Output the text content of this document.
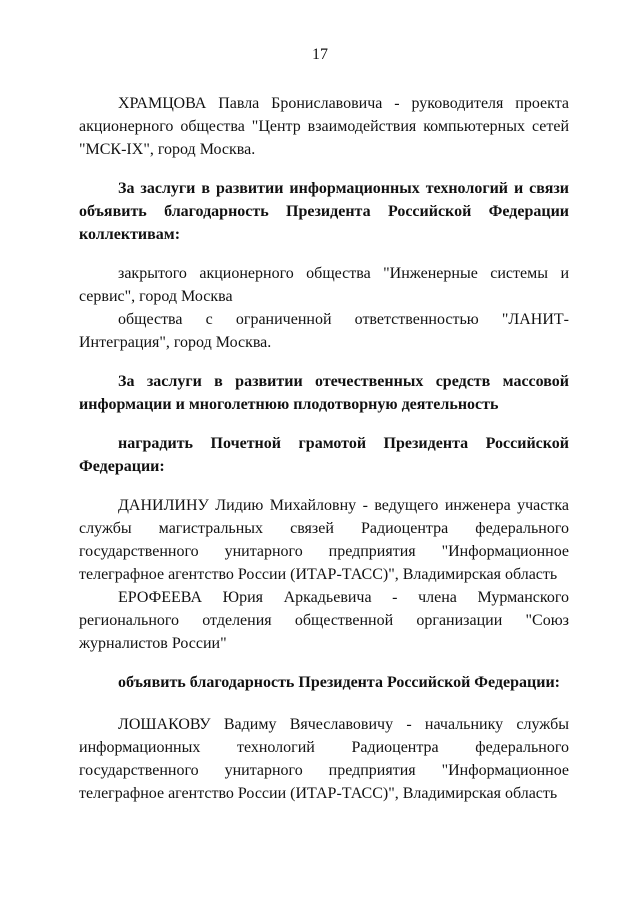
17

ХРАМЦОВА Павла Брониславовича - руководителя проекта акционерного общества "Центр взаимодействия компьютерных сетей "МСК-IX", город Москва.

За заслуги в развитии информационных технологий и связи объявить благодарность Президента Российской Федерации коллективам:

закрытого акционерного общества "Инженерные системы и сервис", город Москва

общества с ограниченной ответственностью "ЛАНИТ-Интеграция", город Москва.

За заслуги в развитии отечественных средств массовой информации и многолетнюю плодотворную деятельность

наградить Почетной грамотой Президента Российской Федерации:

ДАНИЛИНУ Лидию Михайловну - ведущего инженера участка службы магистральных связей Радиоцентра федерального государственного унитарного предприятия "Информационное телеграфное агентство России (ИТАР-ТАСС)", Владимирская область

ЕРОФЕЕВА Юрия Аркадьевича - члена Мурманского регионального отделения общественной организации "Союз журналистов России"

объявить благодарность Президента Российской Федерации:

ЛОШАКОВУ Вадиму Вячеславовичу - начальнику службы информационных технологий Радиоцентра федерального государственного унитарного предприятия "Информационное телеграфное агентство России (ИТАР-ТАСС)", Владимирская область
